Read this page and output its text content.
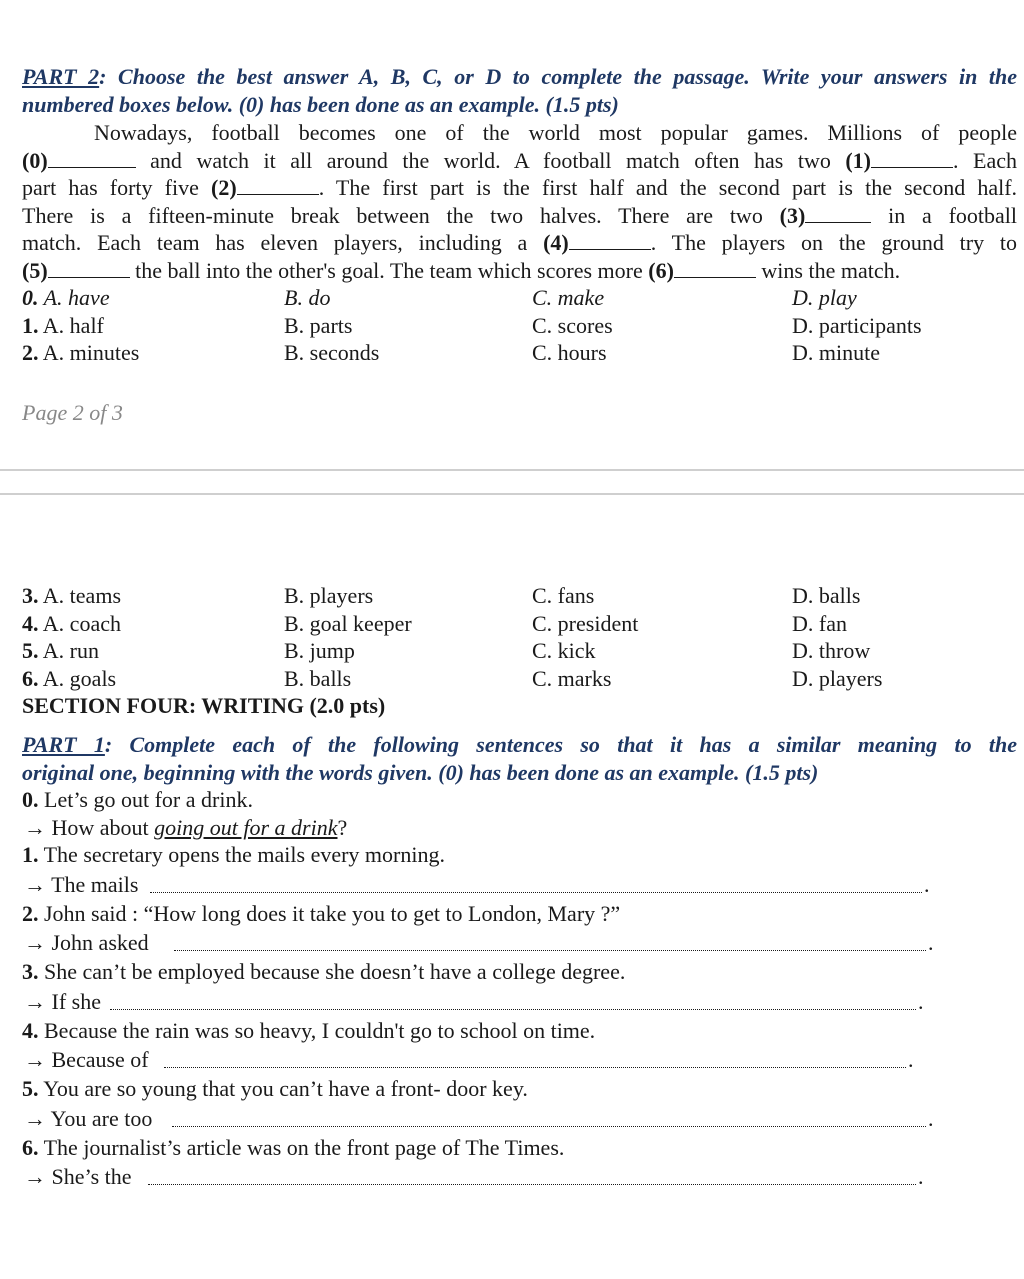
PART 2: Choose the best answer A, B, C, or D to complete the passage. Write your answers in the
numbered boxes below. (0) has been done as an example. (1.5 pts)
Nowadays, football becomes one of the world most popular games. Millions of people
(0)	and watch it all around the world. A football match often has two (1)	. Each
part has forty five (2)	. The first part is the first half and the second part is the second half.
There is a fifteen-minute break between the two halves. There are two (3)	in a football
match. Each team has eleven players, including a (4)	. The players on the ground try to
(5)	the ball into the other's goal. The team which scores more (6)	wins the match.
0. A. have	B. do	C. make	D. play
1. A. half	B. parts	C. scores	D. participants
2. A. minutes	B. seconds	C. hours	D. minute
Page 2 of 3
3. A. teams	B. players	C. fans	D. balls
4. A. coach	B. goal keeper	C. president	D. fan
5. A. run	B. jump	C. kick	D. throw
6. A. goals	B. balls	C. marks	D. players
SECTION FOUR: WRITING (2.0 pts)
PART 1: Complete each of the following sentences so that it has a similar meaning to the
original one, beginning with the words given. (0) has been done as an example. (1.5 pts)
0. Let’s go out for a drink.
→ How about going out for a drink?
1. The secretary opens the mails every morning.
→ The mails	.
2. John said : “How long does it take you to get to London, Mary ?”
→ John asked	.
3. She can’t be employed because she doesn’t have a college degree.
→ If she	.
4. Because the rain was so heavy, I couldn't go to school on time.
→ Because of	.
5. You are so young that you can’t have a front- door key.
→ You are too	.
6. The journalist’s article was on the front page of The Times.
→ She’s the	.
